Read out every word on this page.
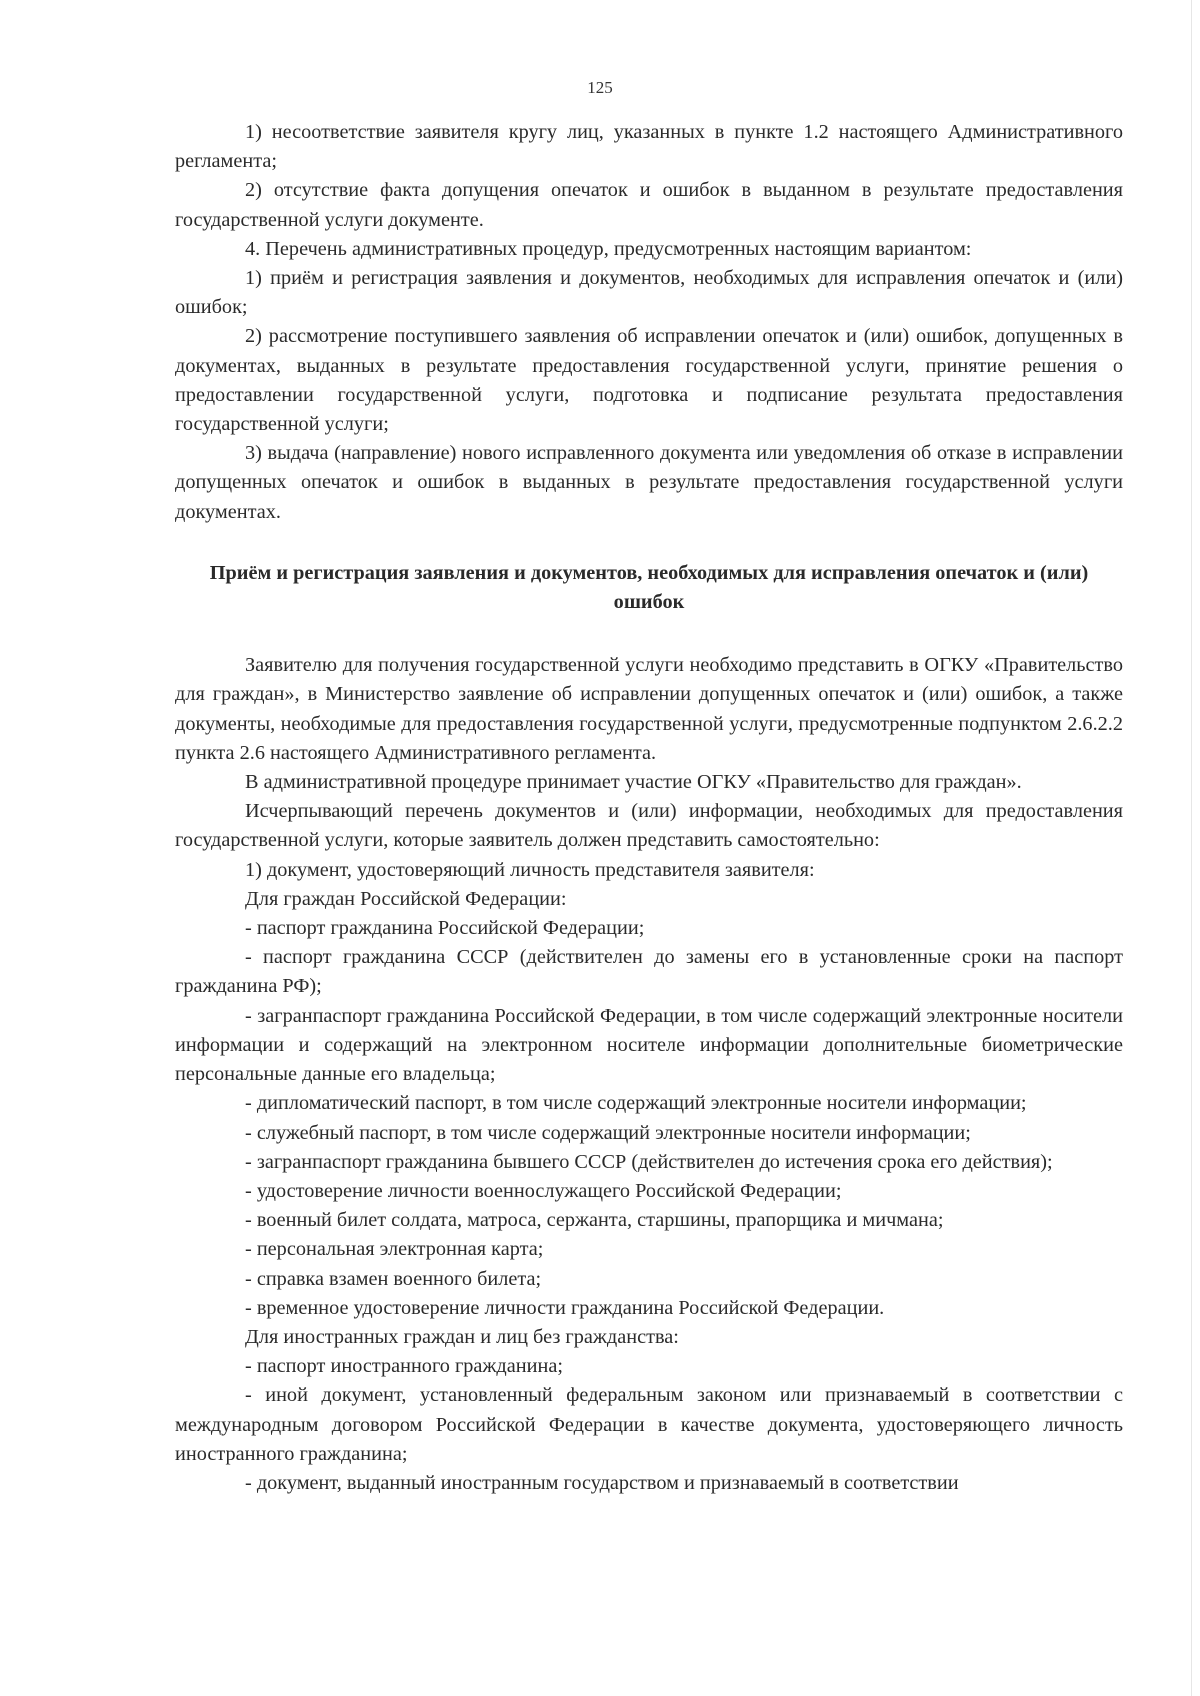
125

1) несоответствие заявителя кругу лиц, указанных в пункте 1.2 настоящего Административного регламента;

2) отсутствие факта допущения опечаток и ошибок в выданном в результате предоставления государственной услуги документе.

4. Перечень административных процедур, предусмотренных настоящим вариантом:

1) приём и регистрация заявления и документов, необходимых для исправления опечаток и (или) ошибок;

2) рассмотрение поступившего заявления об исправлении опечаток и (или) ошибок, допущенных в документах, выданных в результате предоставления государственной услуги, принятие решения о предоставлении государственной услуги, подготовка и подписание результата предоставления государственной услуги;

3) выдача (направление) нового исправленного документа или уведомления об отказе в исправлении допущенных опечаток и ошибок в выданных в результате предоставления государственной услуги документах.

Приём и регистрация заявления и документов, необходимых для исправления опечаток и (или) ошибок

Заявителю для получения государственной услуги необходимо представить в ОГКУ «Правительство для граждан», в Министерство заявление об исправлении допущенных опечаток и (или) ошибок, а также документы, необходимые для предоставления государственной услуги, предусмотренные подпунктом 2.6.2.2 пункта 2.6 настоящего Административного регламента.

В административной процедуре принимает участие ОГКУ «Правительство для граждан».

Исчерпывающий перечень документов и (или) информации, необходимых для предоставления государственной услуги, которые заявитель должен представить самостоятельно:

1) документ, удостоверяющий личность представителя заявителя:

Для граждан Российской Федерации:

- паспорт гражданина Российской Федерации;

- паспорт гражданина СССР (действителен до замены его в установленные сроки на паспорт гражданина РФ);

- загранпаспорт гражданина Российской Федерации, в том числе содержащий электронные носители информации и содержащий на электронном носителе информации дополнительные биометрические персональные данные его владельца;

- дипломатический паспорт, в том числе содержащий электронные носители информации;

- служебный паспорт, в том числе содержащий электронные носители информации;

- загранпаспорт гражданина бывшего СССР (действителен до истечения срока его действия);

- удостоверение личности военнослужащего Российской Федерации;

- военный билет солдата, матроса, сержанта, старшины, прапорщика и мичмана;

- персональная электронная карта;

- справка взамен военного билета;

- временное удостоверение личности гражданина Российской Федерации.

Для иностранных граждан и лиц без гражданства:

- паспорт иностранного гражданина;

- иной документ, установленный федеральным законом или признаваемый в соответствии с международным договором Российской Федерации в качестве документа, удостоверяющего личность иностранного гражданина;

- документ, выданный иностранным государством и признаваемый в соответствии
